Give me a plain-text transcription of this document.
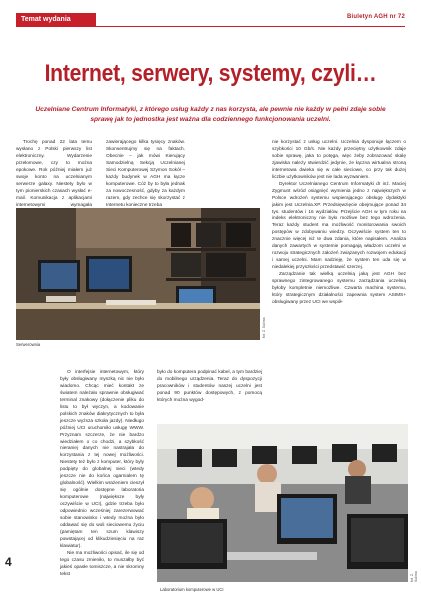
Temat wydania	Biuletyn AGH nr 72
Internet, serwery, systemy, czyli…
Uczelniane Centrum Informatyki, z którego usług każdy z nas korzysta, ale pewnie nie każdy w pełni zdaje sobie sprawę jak to jednostka jest ważna dla codziennego funkcjonowania uczelni.

Trochę ponad 22 lata temu wysłano z Polski pierwszy list elektroniczny. Wydarzenie przełomowe, czy to można epokowe. Rok później miałem już swoje konto na uczelnianym serwerze galaxy. Niestety było w tym pionierskich czasach wysłać e-mail. Komunikacja z aplikacjami internetowymi wymagała

zawierającego kilka tysięcy znaków. Skonsentrujmy się na faktach. Obecnie – jak mówi Kierujący Samodzielną Sekcją Uczelnianej Sieci Komputerowej Szymon Sokół – każdy budynek w AGH ma łącze komputerowe. Cóż by to była jednak za nowoczesność, gdyby za każdym razem, gdy zechce się skorzystać z Internetu konieczne trzeba

nie korzystać z usług uczelni. Uczelnia dysponuje łączem o szybkości 10 Gb/s. Nie każdy przeciętny użytkownik zdaje sobie sprawę, jaka to potęga, więc żeby zobrazować skalę zjawiska należy stwierdzić jedynie, że łączna wirtualna stroną internetowa dwieka się w całe sieciowe, co przy tak dużej liczbie użytkowników jest nie lada wyzwaniem.

Dyrektor Uczelnianego Centrum Informatyki dr inż. Maciej Zygmunt wśród osiągnięć wymienia jedno z największych w Polsce wdrożeń systemu wspierającego obsługę dydaktyki jakim jest Uczelnia.XP. Przedsięwzięcie obejmujące ponad 34 tys. studentów i 16 wydziałów. Przejście AGH w tym roku na indeks elektroniczny nie było możliwe bez tego wdrożenia. Teraz każdy student ma możliwość monitorowania swoich postępów w zdobywaniu wiedzy. Oczywiście system ten to znacznie więcej niż te dwa zdania, które napisałem. Analiza danych zawartych w systemie pomagają władzom uczelni w rozwoju strategicznych założeń związanych rozwojem edukacji i samej uczelni. Mam nadzieję, że system ten uda się w niedalekiej przyszłości przedstawić szerzej.

Zarządzanie tak wielką uczelnią jaką jest AGH bez sprawnego zintegrowanego systemu zarządzania uczelnią byłoby kompletnie niemożliwe. Czwarta machina systemu, który strategicznym działalności zapewnia system ASIMS+ obsługiwany przez UCI we współ-

Serwerownia
fot. Z. Sulima

O interfejsie internetowym, który były obsługiwany myszką nic nie było wiadomo. Chcąc mieć kontakt ze światem należało sprawnie obsługiwać terminal znakowy (dołączenie pliku do listu to był wyczyn, a kodowanie polskich znaków diakrytycznych to była jeszcze wyższa szkoła jazdy). Niedługo później UCI uruchomiło usługę WWW. Przyznam szczerze, że nie bardzo wiedziałem o co chodzi, a szybkość nieraniej danych nie nastrajała do korzystania z tej nowej możliwości. Niestety też było z komputer, który były podpięty do globalnej sieci (wtedy jeszcze nie do końca ogarnialem tę globalność). Wielkim wrażeniem cieszył się ogólnie dostępne laboratoria komputerowe (największe były oczywiście w UCI), gdzie trzeba było odpowiednio wcześniej zarezerwować sobie stanowisko i wtedy można było oddawać się do woli sieciowemu życiu (pamiętam ten szum klawiszy powstającej od klikudziesięciu na raz klawiatur).

Nie ma możliwości opisać, ile się od tego czasu zmieniło, to muszałby być jakieś opasłe tomiszcze, a nie skromny tekst

było do komputera podpinać kabel, a tym bardziej do mobilnego urządzenia. Teraz do dyspozycji pracowników i studentów naszej uczelni jest ponad 90 punktów dostępowych, z pomocą których można wygod-

Laboratorium komputerowe w UCI
fot. Z. Sulima
4
